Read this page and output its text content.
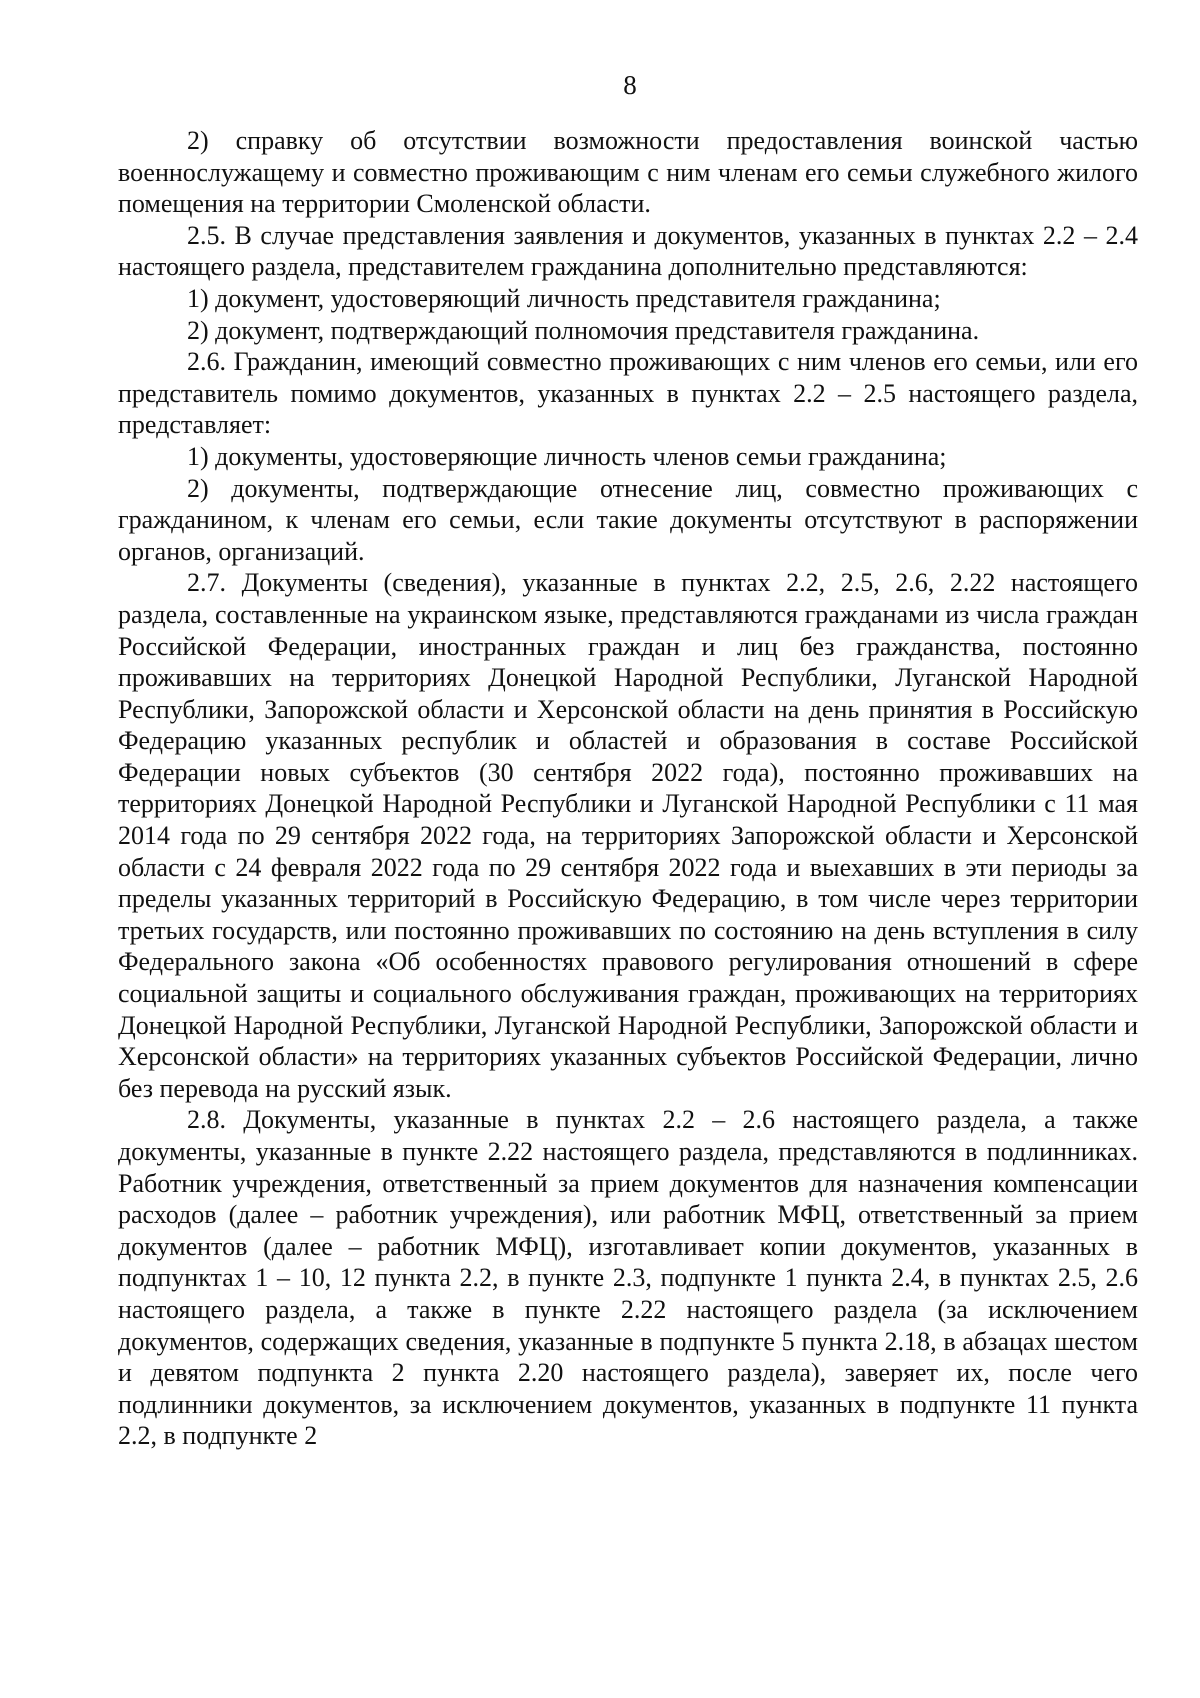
8

2) справку об отсутствии возможности предоставления воинской частью военнослужащему и совместно проживающим с ним членам его семьи служебного жилого помещения на территории Смоленской области.

2.5. В случае представления заявления и документов, указанных в пунктах 2.2 – 2.4 настоящего раздела, представителем гражданина дополнительно представляются:

1) документ, удостоверяющий личность представителя гражданина;

2) документ, подтверждающий полномочия представителя гражданина.

2.6. Гражданин, имеющий совместно проживающих с ним членов его семьи, или его представитель помимо документов, указанных в пунктах 2.2 – 2.5 настоящего раздела, представляет:

1) документы, удостоверяющие личность членов семьи гражданина;

2) документы, подтверждающие отнесение лиц, совместно проживающих с гражданином, к членам его семьи, если такие документы отсутствуют в распоряжении органов, организаций.

2.7. Документы (сведения), указанные в пунктах 2.2, 2.5, 2.6, 2.22 настоящего раздела, составленные на украинском языке, представляются гражданами из числа граждан Российской Федерации, иностранных граждан и лиц без гражданства, постоянно проживавших на территориях Донецкой Народной Республики, Луганской Народной Республики, Запорожской области и Херсонской области на день принятия в Российскую Федерацию указанных республик и областей и образования в составе Российской Федерации новых субъектов (30 сентября 2022 года), постоянно проживавших на территориях Донецкой Народной Республики и Луганской Народной Республики с 11 мая 2014 года по 29 сентября 2022 года, на территориях Запорожской области и Херсонской области с 24 февраля 2022 года по 29 сентября 2022 года и выехавших в эти периоды за пределы указанных территорий в Российскую Федерацию, в том числе через территории третьих государств, или постоянно проживавших по состоянию на день вступления в силу Федерального закона «Об особенностях правового регулирования отношений в сфере социальной защиты и социального обслуживания граждан, проживающих на территориях Донецкой Народной Республики, Луганской Народной Республики, Запорожской области и Херсонской области» на территориях указанных субъектов Российской Федерации, лично без перевода на русский язык.

2.8. Документы, указанные в пунктах 2.2 – 2.6 настоящего раздела, а также документы, указанные в пункте 2.22 настоящего раздела, представляются в подлинниках. Работник учреждения, ответственный за прием документов для назначения компенсации расходов (далее – работник учреждения), или работник МФЦ, ответственный за прием документов (далее – работник МФЦ), изготавливает копии документов, указанных в подпунктах 1 – 10, 12 пункта 2.2, в пункте 2.3, подпункте 1 пункта 2.4, в пунктах 2.5, 2.6 настоящего раздела, а также в пункте 2.22 настоящего раздела (за исключением документов, содержащих сведения, указанные в подпункте 5 пункта 2.18, в абзацах шестом и девятом подпункта 2 пункта 2.20 настоящего раздела), заверяет их, после чего подлинники документов, за исключением документов, указанных в подпункте 11 пункта 2.2, в подпункте 2
